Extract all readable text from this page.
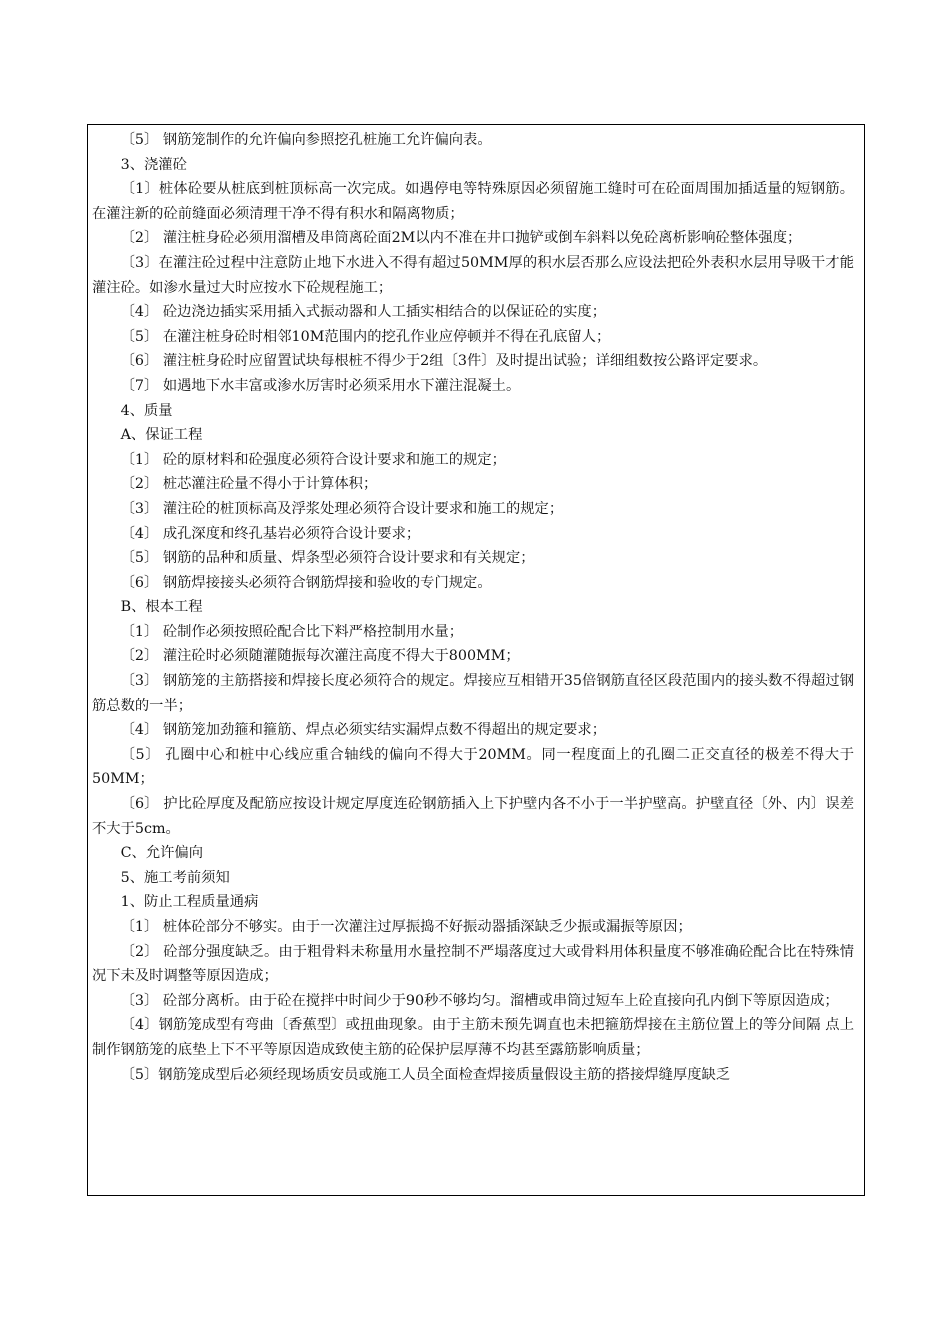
〔5〕 钢筋笼制作的允许偏向参照挖孔桩施工允许偏向表。

3、浇灌砼

〔1〕桩体砼要从桩底到桩顶标高一次完成。如遇停电等特殊原因必须留施工缝时可在砼面周围加插适量的短钢筋。在灌注新的砼前缝面必须清理干净不得有积水和隔离物质；

〔2〕 灌注桩身砼必须用溜槽及串筒离砼面2M以内不准在井口抛铲或倒车斜料以免砼离析影响砼整体强度；

〔3〕在灌注砼过程中注意防止地下水进入不得有超过50MM厚的积水层否那么应设法把砼外表积水层用导吸干才能灌注砼。如渗水量过大时应按水下砼规程施工；

〔4〕 砼边浇边插实采用插入式振动器和人工插实相结合的以保证砼的实度；

〔5〕 在灌注桩身砼时相邻10M范围内的挖孔作业应停顿并不得在孔底留人；

〔6〕 灌注桩身砼时应留置试块每根桩不得少于2组〔3件〕及时提出试验；详细组数按公路评定要求。

〔7〕 如遇地下水丰富或渗水厉害时必须采用水下灌注混凝土。

4、质量

A、保证工程

〔1〕 砼的原材料和砼强度必须符合设计要求和施工的规定；

〔2〕 桩芯灌注砼量不得小于计算体积；

〔3〕 灌注砼的桩顶标高及浮浆处理必须符合设计要求和施工的规定；

〔4〕 成孔深度和终孔基岩必须符合设计要求；

〔5〕 钢筋的品种和质量、焊条型必须符合设计要求和有关规定；

〔6〕 钢筋焊接接头必须符合钢筋焊接和验收的专门规定。

B、根本工程

〔1〕 砼制作必须按照砼配合比下料严格控制用水量；

〔2〕 灌注砼时必须随灌随振每次灌注高度不得大于800MM；

〔3〕 钢筋笼的主筋搭接和焊接长度必须符合的规定。焊接应互相错开35倍钢筋直径区段范围内的接头数不得超过钢筋总数的一半；

〔4〕 钢筋笼加劲箍和箍筋、焊点必须实结实漏焊点数不得超出的规定要求；

〔5〕 孔圈中心和桩中心线应重合轴线的偏向不得大于20MM。同一程度面上的孔圈二正交直径的极差不得大于50MM；

〔6〕 护比砼厚度及配筋应按设计规定厚度连砼钢筋插入上下护壁内各不小于一半护壁高。护壁直径〔外、内〕误差不大于5cm。

C、允许偏向

5、施工考前须知

1、防止工程质量通病

〔1〕 桩体砼部分不够实。由于一次灌注过厚振捣不好振动器插深缺乏少振或漏振等原因；

〔2〕 砼部分强度缺乏。由于粗骨料未称量用水量控制不严塌落度过大或骨料用体积量度不够准确砼配合比在特殊情况下未及时调整等原因造成；

〔3〕 砼部分离析。由于砼在搅拌中时间少于90秒不够均匀。溜槽或串筒过短车上砼直接向孔内倒下等原因造成；

〔4〕钢筋笼成型有弯曲〔香蕉型〕或扭曲现象。由于主筋未预先调直也未把箍筋焊接在主筋位置上的等分间隔 点上制作钢筋笼的底垫上下不平等原因造成致使主筋的砼保护层厚薄不均甚至露筋影响质量；

〔5〕钢筋笼成型后必须经现场质安员或施工人员全面检查焊接质量假设主筋的搭接焊缝厚度缺乏
